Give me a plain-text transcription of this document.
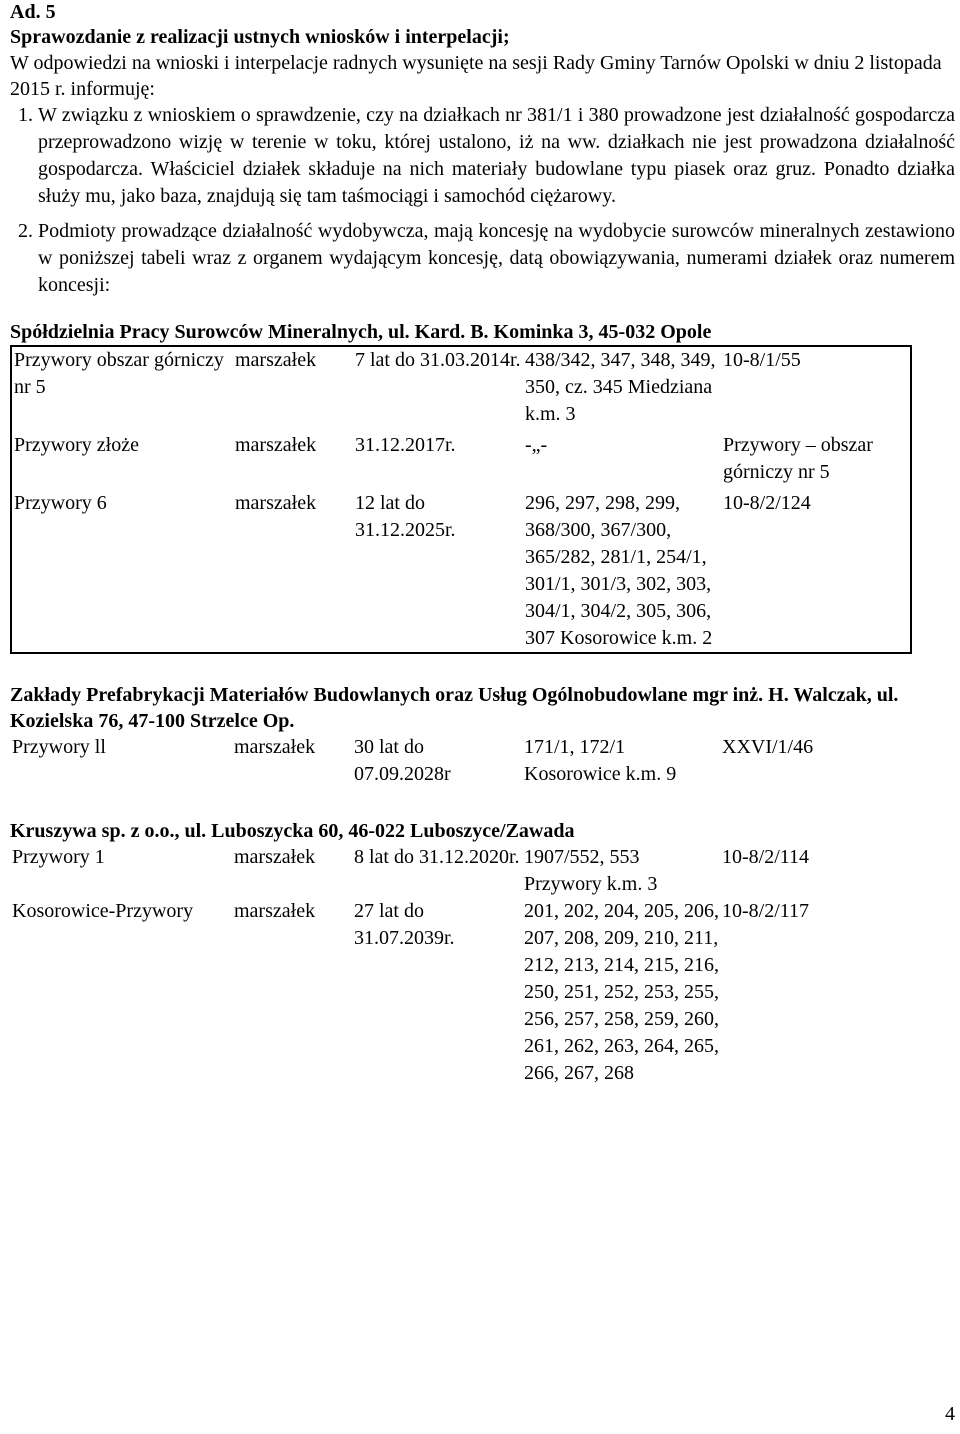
Ad. 5
Sprawozdanie z realizacji ustnych wniosków i interpelacji;
W odpowiedzi na wnioski i interpelacje radnych wysunięte na sesji Rady Gminy Tarnów Opolski w dniu 2 listopada 2015 r. informuję:
1. W związku z wnioskiem o sprawdzenie, czy na działkach nr 381/1 i 380 prowadzone jest działalność gospodarcza przeprowadzono wizję w terenie w toku, której ustalono, iż na ww. działkach nie jest prowadzona działalność gospodarcza. Właściciel działek składuje na nich materiały budowlane typu piasek oraz gruz. Ponadto działka służy mu, jako baza, znajdują się tam taśmociągi i samochód ciężarowy.
2. Podmioty prowadzące działalność wydobywcza, mają koncesję na wydobycie surowców mineralnych zestawiono w poniższej tabeli wraz z organem wydającym koncesję, datą obowiązywania, numerami działek oraz numerem koncesji:
Spółdzielnia Pracy Surowców Mineralnych, ul. Kard. B. Kominka 3, 45-032 Opole
Przywory obszar górniczy nr 5	marszałek	7 lat do 31.03.2014r.	438/342, 347, 348, 349, 350, cz. 345 Miedziana k.m. 3	10-8/1/55

Przywory złoże	marszałek	31.12.2017r.	-„-	Przywory – obszar górniczy nr 5

Przywory 6	marszałek	12 lat do 31.12.2025r.	296, 297, 298, 299, 368/300, 367/300, 365/282, 281/1, 254/1, 301/1, 301/3, 302, 303, 304/1, 304/2, 305, 306, 307 Kosorowice k.m. 2	10-8/2/124
Zakłady Prefabrykacji Materiałów Budowlanych oraz Usług Ogólnobudowlane mgr inż. H. Walczak, ul. Kozielska 76, 47-100 Strzelce Op.
Przywory ll	marszałek	30 lat do 07.09.2028r	171/1, 172/1 Kosorowice k.m. 9	XXVI/1/46
Kruszywa sp. z o.o., ul. Luboszycka 60, 46-022 Luboszyce/Zawada
Przywory 1	marszałek	8 lat do 31.12.2020r.	1907/552, 553 Przywory k.m. 3	10-8/2/114
Kosorowice-Przywory	marszałek	27 lat do 31.07.2039r.	201, 202, 204, 205, 206, 207, 208, 209, 210, 211, 212, 213, 214, 215, 216, 250, 251, 252, 253, 255, 256, 257, 258, 259, 260, 261, 262, 263, 264, 265, 266, 267, 268	10-8/2/117
4
